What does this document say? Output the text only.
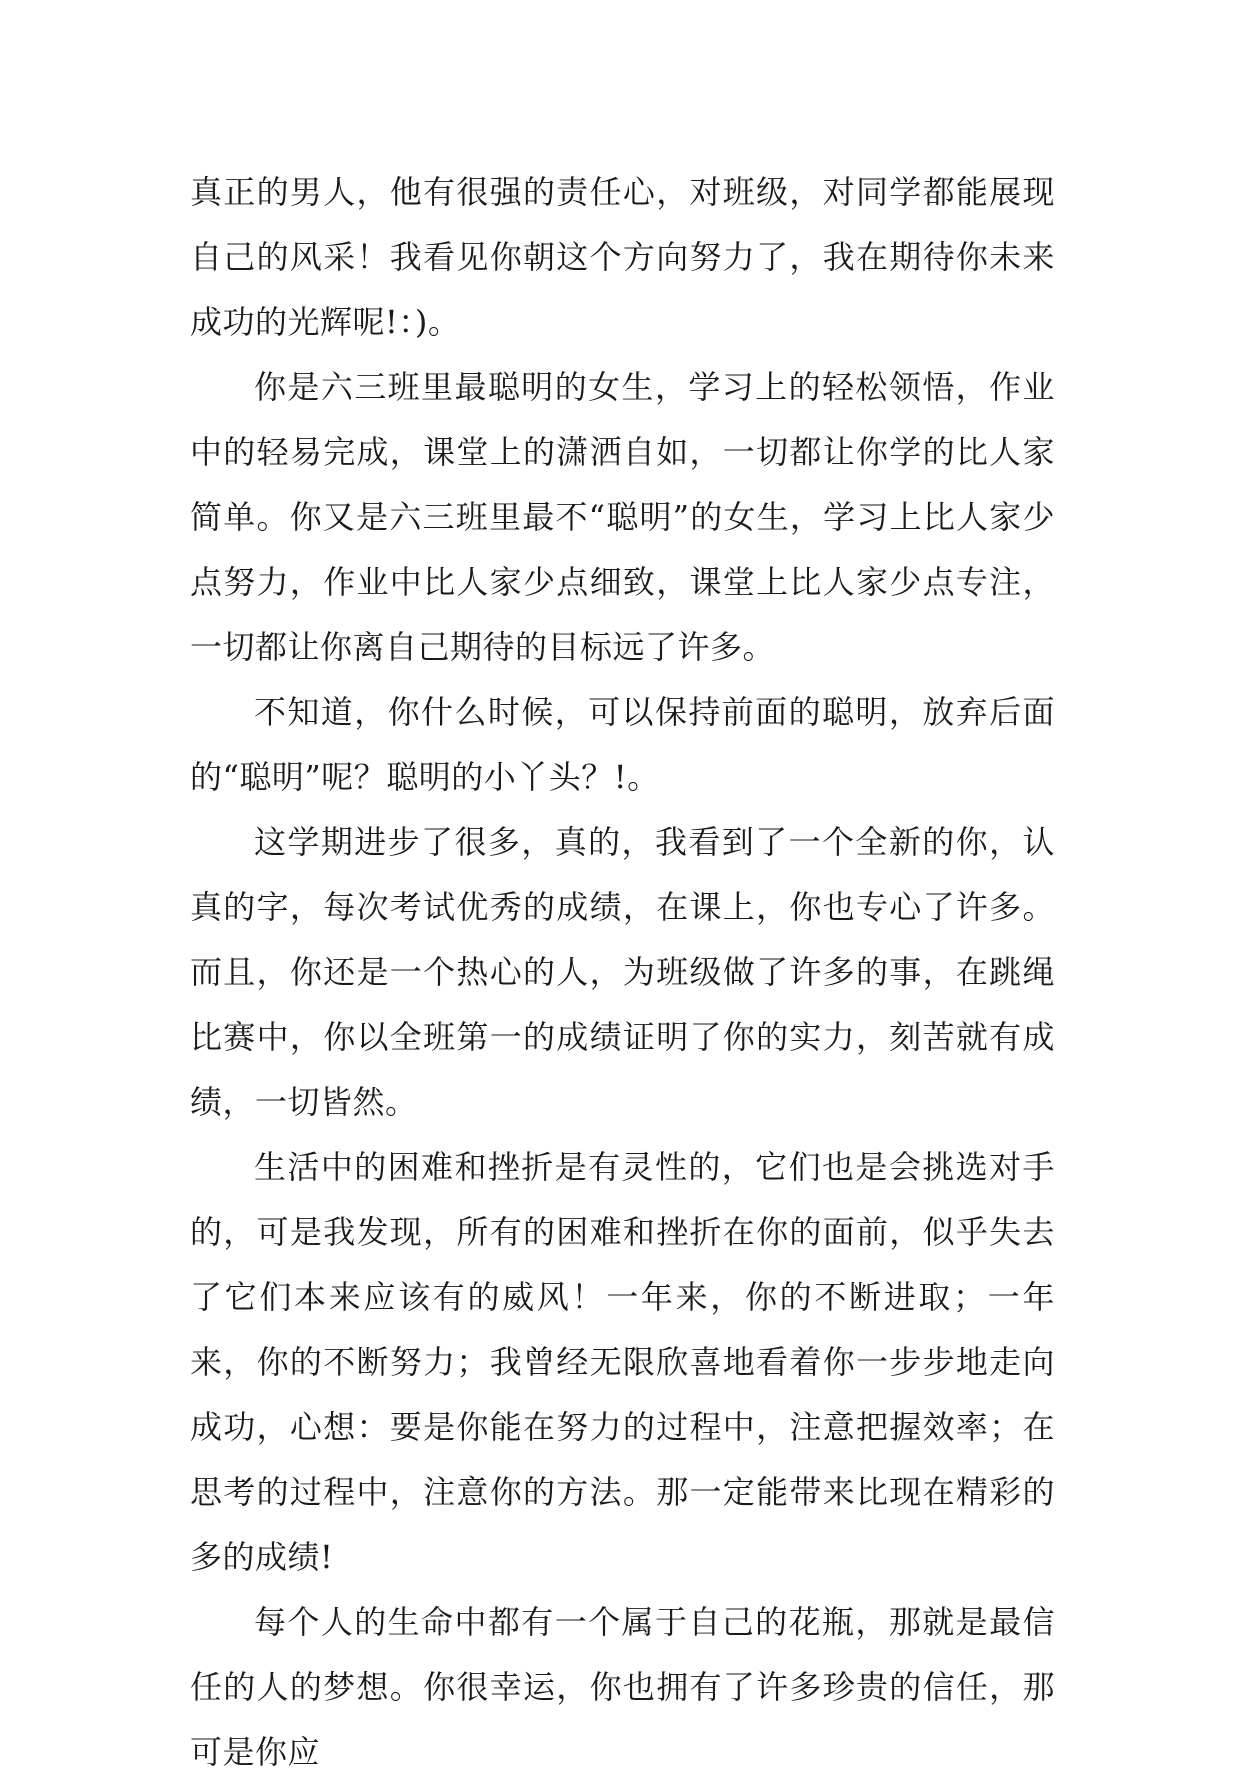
真正的男人，他有很强的责任心，对班级，对同学都能展现自己的风采！我看见你朝这个方向努力了，我在期待你未来成功的光辉呢!：)。

你是六三班里最聪明的女生，学习上的轻松领悟，作业中的轻易完成，课堂上的潇洒自如，一切都让你学的比人家简单。你又是六三班里最不“聪明”的女生，学习上比人家少点努力，作业中比人家少点细致，课堂上比人家少点专注，一切都让你离自己期待的目标远了许多。

不知道，你什么时候，可以保持前面的聪明，放弃后面的“聪明”呢？聪明的小丫头？!。

这学期进步了很多，真的，我看到了一个全新的你，认真的字，每次考试优秀的成绩，在课上，你也专心了许多。而且，你还是一个热心的人，为班级做了许多的事，在跳绳比赛中，你以全班第一的成绩证明了你的实力，刻苦就有成绩，一切皆然。

生活中的困难和挫折是有灵性的，它们也是会挑选对手的，可是我发现，所有的困难和挫折在你的面前，似乎失去了它们本来应该有的威风！一年来，你的不断进取；一年来，你的不断努力；我曾经无限欣喜地看着你一步步地走向成功，心想：要是你能在努力的过程中，注意把握效率；在思考的过程中，注意你的方法。那一定能带来比现在精彩的多的成绩!

每个人的生命中都有一个属于自己的花瓶，那就是最信任的人的梦想。你很幸运，你也拥有了许多珍贵的信任，那可是你应
